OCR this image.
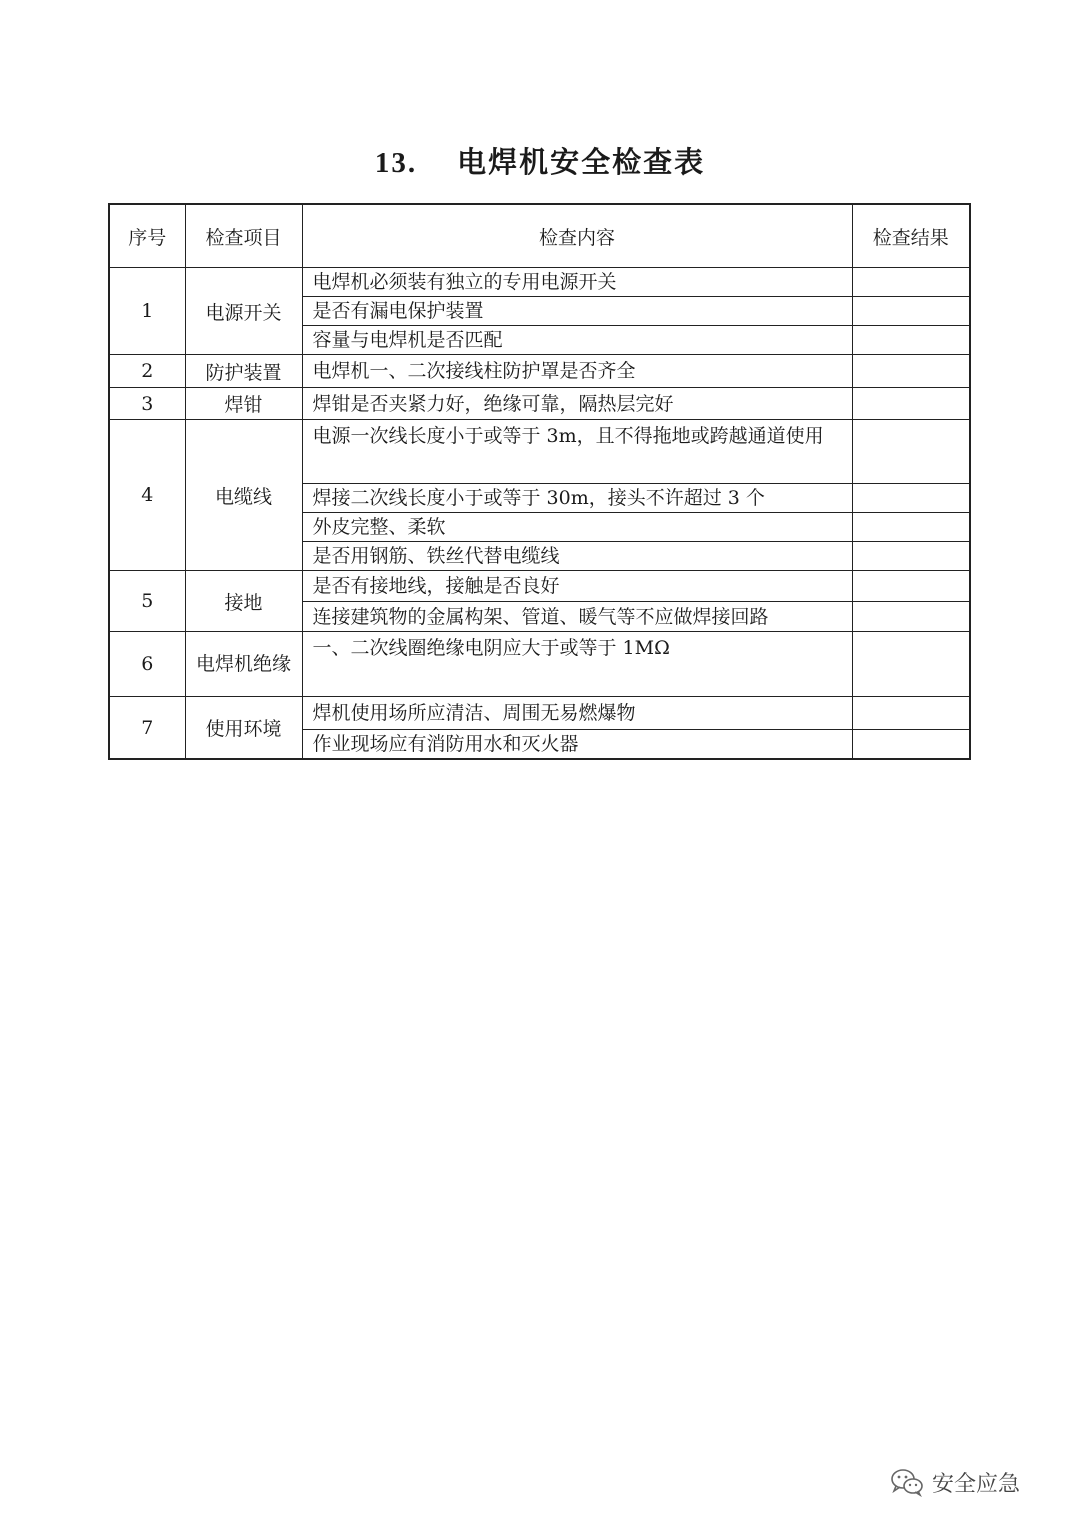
13. 电焊机安全检查表
序号	检查项目	检查内容	检查结果
1	电源开关	电焊机必须装有独立的专用电源开关	
		是否有漏电保护装置	
		容量与电焊机是否匹配	
2	防护装置	电焊机一、二次接线柱防护罩是否齐全	
3	焊钳	焊钳是否夹紧力好，绝缘可靠，隔热层完好	
4	电缆线	电源一次线长度小于或等于 3m，且不得拖地或跨越通道使用	
		焊接二次线长度小于或等于 30m，接头不许超过 3 个	
		外皮完整、柔软	
		是否用钢筋、铁丝代替电缆线	
5	接地	是否有接地线，接触是否良好	
		连接建筑物的金属构架、管道、暖气等不应做焊接回路	
6	电焊机绝缘	一、二次线圈绝缘电阴应大于或等于 1MΩ	
7	使用环境	焊机使用场所应清洁、周围无易燃爆物	
		作业现场应有消防用水和灭火器	
安全应急
